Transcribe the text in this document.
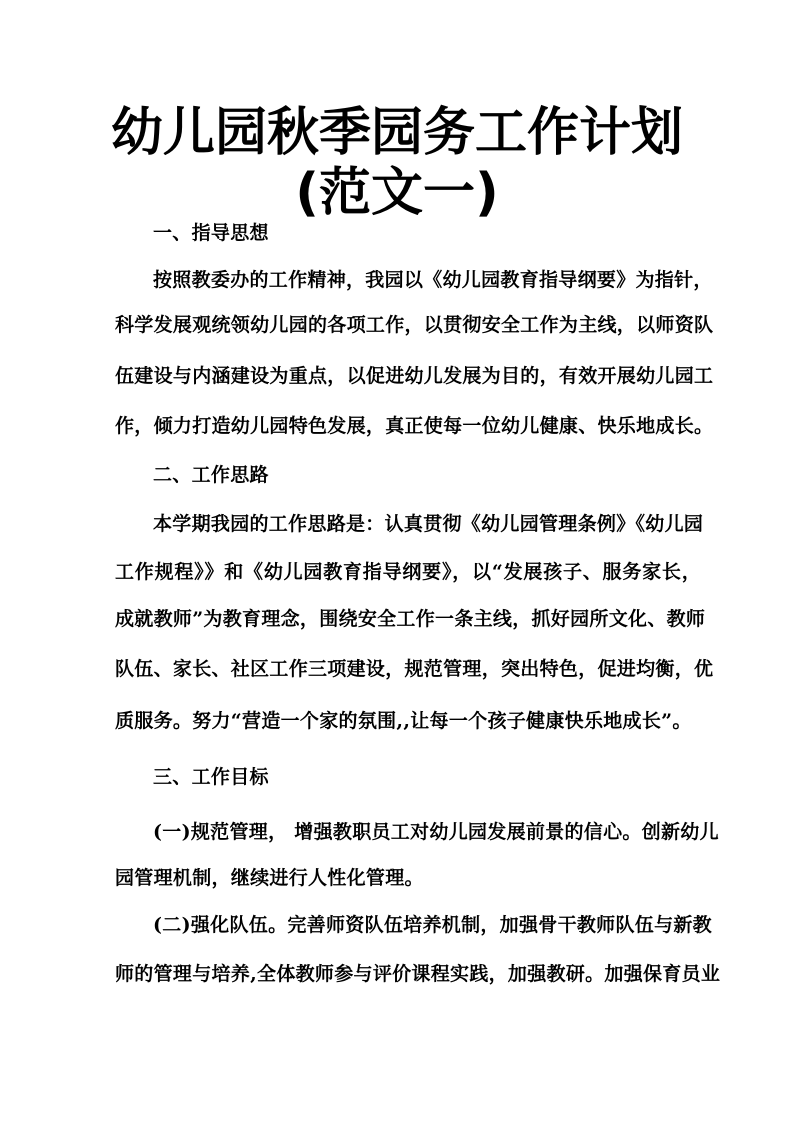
幼儿园秋季园务工作计划
(范文一)
一、指导思想
按照教委办的工作精神，我园以《幼儿园教育指导纲要》为指针，
科学发展观统领幼儿园的各项工作，以贯彻安全工作为主线，以师资队
伍建设与内涵建设为重点，以促进幼儿发展为目的，有效开展幼儿园工
作，倾力打造幼儿园特色发展，真正使每一位幼儿健康、快乐地成长。
二、工作思路
本学期我园的工作思路是：认真贯彻《幼儿园管理条例》《幼儿园
工作规程》》和《幼儿园教育指导纲要》，以“发展孩子、服务家长，
成就教师”为教育理念，围绕安全工作一条主线，抓好园所文化、教师
队伍、家长、社区工作三项建设，规范管理，突出特色，促进均衡，优
质服务。努力“营造一个家的氛围,,让每一个孩子健康快乐地成长”。
三、工作目标
(一)规范管理， 增强教职员工对幼儿园发展前景的信心。创新幼儿
园管理机制，继续进行人性化管理。
(二)强化队伍。完善师资队伍培养机制，加强骨干教师队伍与新教
师的管理与培养,全体教师参与评价课程实践，加强教研。加强保育员业
